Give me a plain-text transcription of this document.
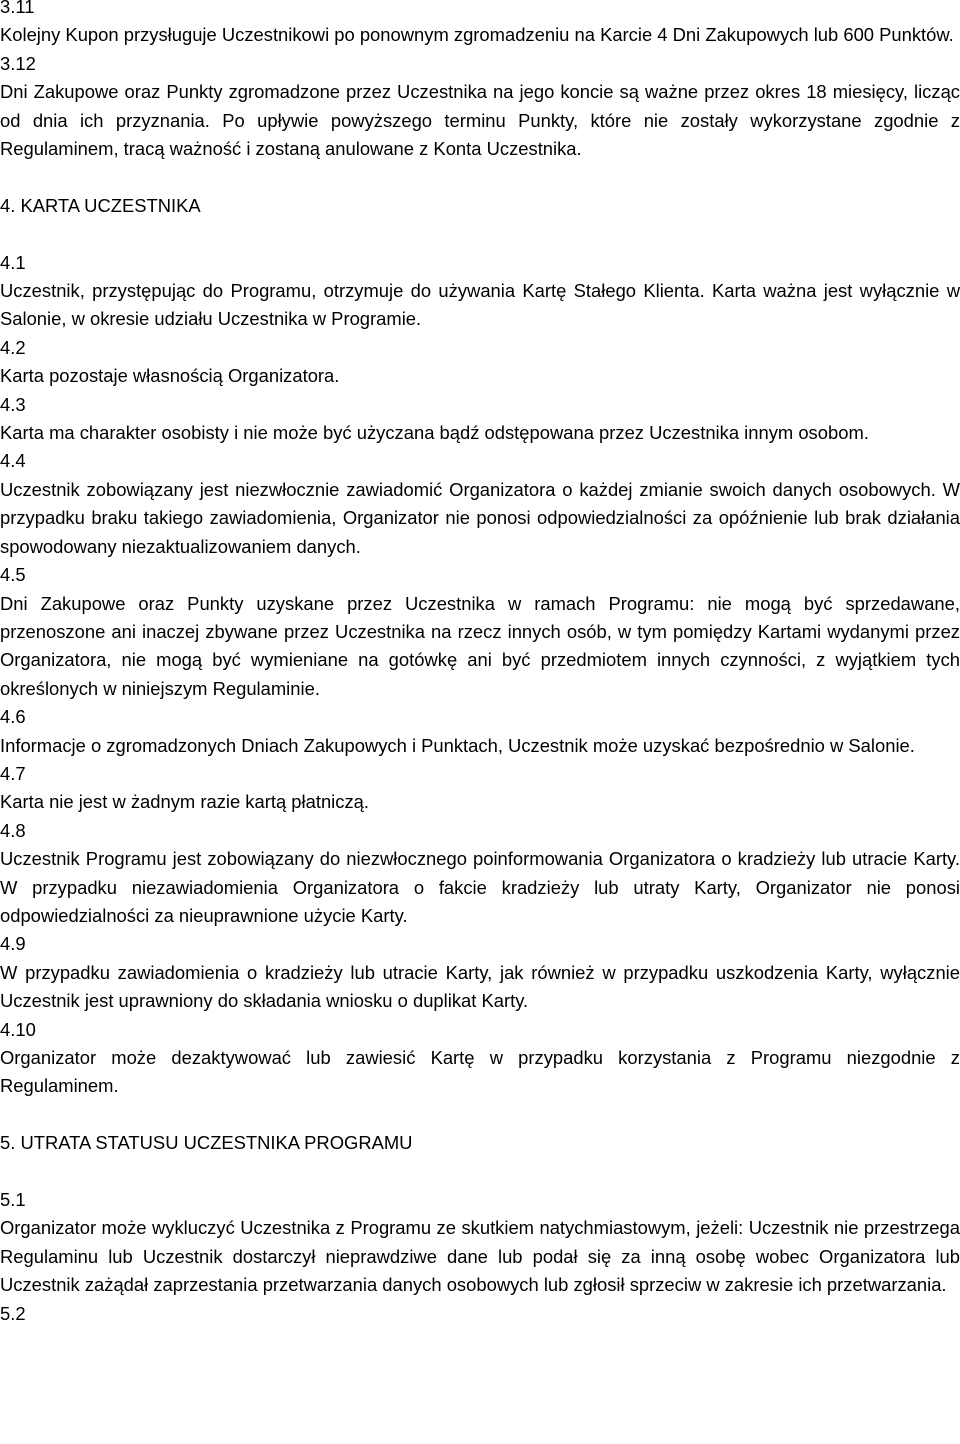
3.11

Kolejny Kupon przysługuje Uczestnikowi po ponownym zgromadzeniu na Karcie 4 Dni Zakupowych lub 600 Punktów.

3.12

Dni Zakupowe oraz Punkty zgromadzone przez Uczestnika na jego koncie są ważne przez okres 18 miesięcy, licząc od dnia ich przyznania. Po upływie powyższego terminu Punkty, które nie zostały wykorzystane zgodnie z Regulaminem, tracą ważność i zostaną anulowane z Konta Uczestnika.

4. KARTA UCZESTNIKA

4.1

Uczestnik, przystępując do Programu, otrzymuje do używania Kartę Stałego Klienta. Karta ważna jest wyłącznie w Salonie, w okresie udziału Uczestnika w Programie.

4.2

Karta pozostaje własnością Organizatora.

4.3

Karta ma charakter osobisty i nie może być użyczana bądź odstępowana przez Uczestnika innym osobom.

4.4

Uczestnik zobowiązany jest niezwłocznie zawiadomić Organizatora o każdej zmianie swoich danych osobowych. W przypadku braku takiego zawiadomienia, Organizator nie ponosi odpowiedzialności za opóźnienie lub brak działania spowodowany niezaktualizowaniem danych.

4.5

Dni Zakupowe oraz Punkty uzyskane przez Uczestnika w ramach Programu: nie mogą być sprzedawane, przenoszone ani inaczej zbywane przez Uczestnika na rzecz innych osób, w tym pomiędzy Kartami wydanymi przez Organizatora, nie mogą być wymieniane na gotówkę ani być przedmiotem innych czynności, z wyjątkiem tych określonych w niniejszym Regulaminie.

4.6

Informacje o zgromadzonych Dniach Zakupowych i Punktach, Uczestnik może uzyskać bezpośrednio w Salonie.

4.7

Karta nie jest w żadnym razie kartą płatniczą.

4.8

Uczestnik Programu jest zobowiązany do niezwłocznego poinformowania Organizatora o kradzieży lub utracie Karty. W przypadku niezawiadomienia Organizatora o fakcie kradzieży lub utraty Karty, Organizator nie ponosi odpowiedzialności za nieuprawnione użycie Karty.

4.9

W przypadku zawiadomienia o kradzieży lub utracie Karty, jak również w przypadku uszkodzenia Karty, wyłącznie Uczestnik jest uprawniony do składania wniosku o duplikat Karty.

4.10

Organizator może dezaktywować lub zawiesić Kartę w przypadku korzystania z Programu niezgodnie z Regulaminem.

5. UTRATA STATUSU UCZESTNIKA PROGRAMU

5.1

Organizator może wykluczyć Uczestnika z Programu ze skutkiem natychmiastowym, jeżeli: Uczestnik nie przestrzega Regulaminu lub Uczestnik dostarczył nieprawdziwe dane lub podał się za inną osobę wobec Organizatora lub Uczestnik zażądał zaprzestania przetwarzania danych osobowych lub zgłosił sprzeciw w zakresie ich przetwarzania.

5.2
